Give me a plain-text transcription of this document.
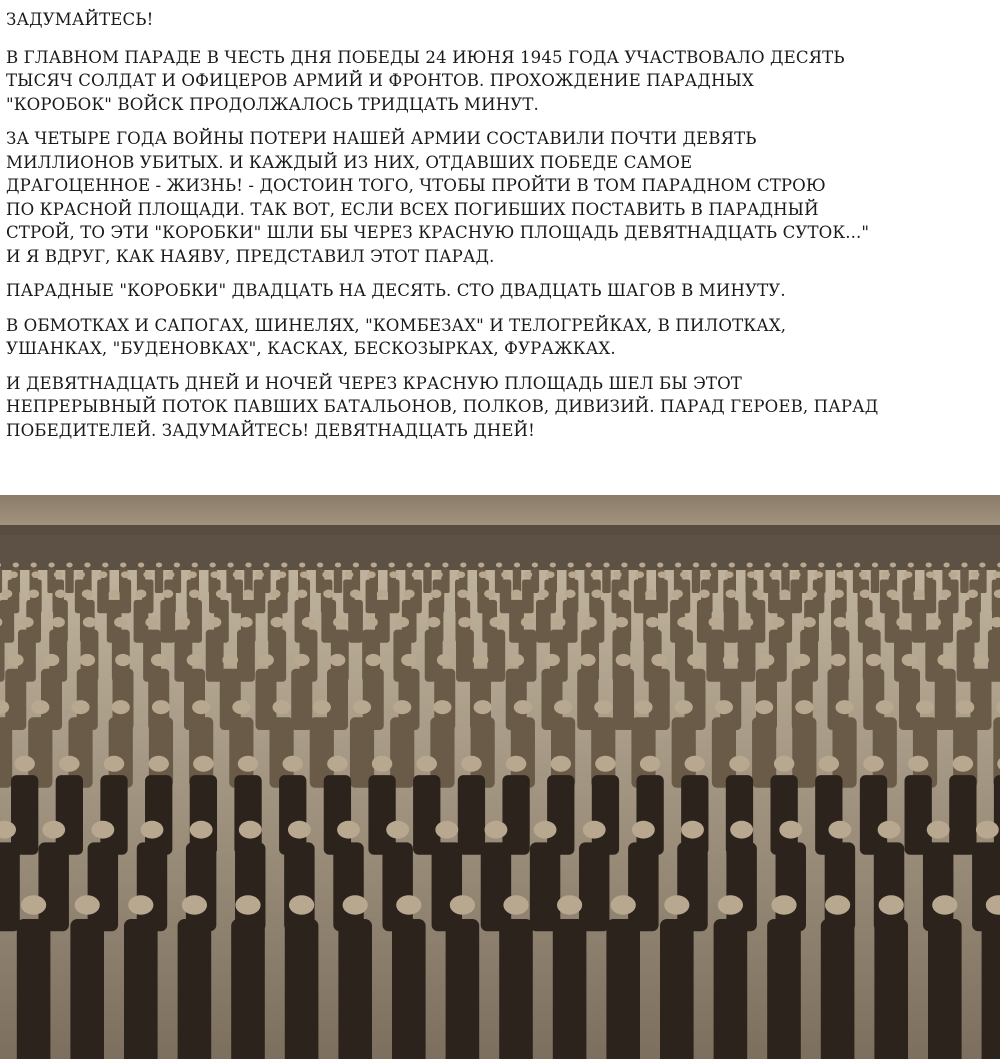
ЗАДУМАЙТЕСЬ!
В ГЛАВНОМ ПАРАДЕ В ЧЕСТЬ ДНЯ ПОБЕДЫ 24 ИЮНЯ 1945 ГОДА УЧАСТВОВАЛО ДЕСЯТЬ
ТЫСЯЧ СОЛДАТ И ОФИЦЕРОВ АРМИЙ И ФРОНТОВ. ПРОХОЖДЕНИЕ ПАРАДНЫХ
"КОРОБОК" ВОЙСК ПРОДОЛЖАЛОСЬ ТРИДЦАТЬ МИНУТ.
ЗА ЧЕТЫРЕ ГОДА ВОЙНЫ ПОТЕРИ НАШЕЙ АРМИИ СОСТАВИЛИ ПОЧТИ ДЕВЯТЬ
МИЛЛИОНОВ УБИТЫХ. И КАЖДЫЙ ИЗ НИХ, ОТДАВШИХ ПОБЕДЕ САМОЕ
ДРАГОЦЕННОЕ - ЖИЗНЬ! - ДОСТОИН ТОГО, ЧТОБЫ ПРОЙТИ В ТОМ ПАРАДНОМ СТРОЮ
ПО КРАСНОЙ ПЛОЩАДИ. ТАК ВОТ, ЕСЛИ ВСЕХ ПОГИБШИХ ПОСТАВИТЬ В ПАРАДНЫЙ
СТРОЙ, ТО ЭТИ "КОРОБКИ" ШЛИ БЫ ЧЕРЕЗ КРАСНУЮ ПЛОЩАДЬ ДЕВЯТНАДЦАТЬ СУТОК..."
И Я ВДРУГ, КАК НАЯВУ, ПРЕДСТАВИЛ ЭТОТ ПАРАД.
ПАРАДНЫЕ "КОРОБКИ" ДВАДЦАТЬ НА ДЕСЯТЬ. СТО ДВАДЦАТЬ ШАГОВ В МИНУТУ.
В ОБМОТКАХ И САПОГАХ, ШИНЕЛЯХ, "КОМБЕЗАХ" И ТЕЛОГРЕЙКАХ, В ПИЛОТКАХ,
УШАНКАХ, "БУДЕНОВКАХ", КАСКАХ, БЕСКОЗЫРКАХ, ФУРАЖКАХ.
И ДЕВЯТНАДЦАТЬ ДНЕЙ И НОЧЕЙ ЧЕРЕЗ КРАСНУЮ ПЛОЩАДЬ ШЕЛ БЫ ЭТОТ
НЕПРЕРЫВНЫЙ ПОТОК ПАВШИХ БАТАЛЬОНОВ, ПОЛКОВ, ДИВИЗИЙ. ПАРАД ГЕРОЕВ, ПАРАД
ПОБЕДИТЕЛЕЙ. ЗАДУМАЙТЕСЬ! ДЕВЯТНАДЦАТЬ ДНЕЙ!
